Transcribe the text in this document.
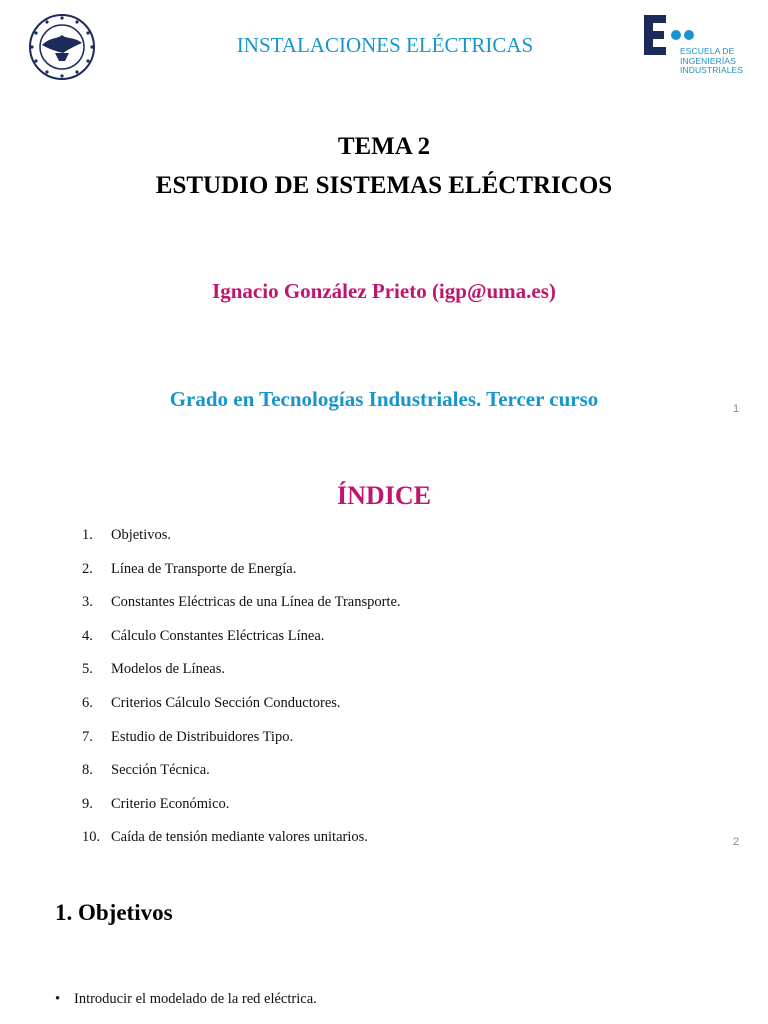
INSTALACIONES ELÉCTRICAS	ESCUELA DE
INGENIERÍAS
INDUSTRIALES
TEMA 2
ESTUDIO DE SISTEMAS ELÉCTRICOS
Ignacio González Prieto (igp@uma.es)
Grado en Tecnologías Industriales. Tercer curso	1
ÍNDICE
1.	Objetivos.
2.	Línea de Transporte de Energía.
3.	Constantes Eléctricas de una Línea de Transporte.
4.	Cálculo Constantes Eléctricas Línea.
5.	Modelos de Líneas.
6.	Criterios Cálculo Sección Conductores.
7.	Estudio de Distribuidores Tipo.
8.	Sección Técnica.
9.	Criterio Económico.
10. Caída de tensión mediante valores unitarios.	2
1. Objetivos
• Introducir el modelado de la red eléctrica.
